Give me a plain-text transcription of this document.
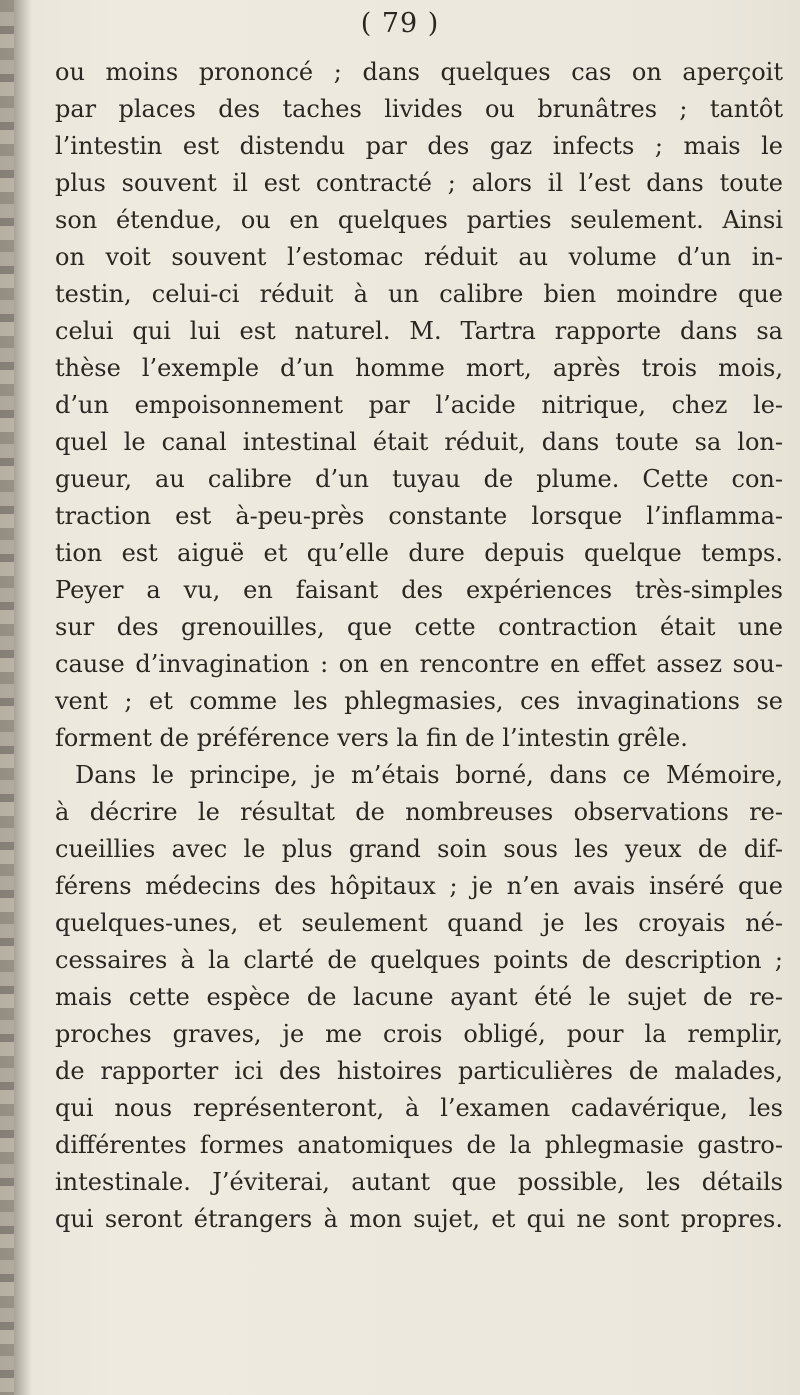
( 79 )
ou moins prononcé ; dans quelques cas on aperçoit
par places des taches livides ou brunâtres ; tantôt
l’intestin est distendu par des gaz infects ; mais le
plus souvent il est contracté ; alors il l’est dans toute
son étendue, ou en quelques parties seulement. Ainsi
on voit souvent l’estomac réduit au volume d’un in-
testin, celui-ci réduit à un calibre bien moindre que
celui qui lui est naturel. M. Tartra rapporte dans sa
thèse l’exemple d’un homme mort, après trois mois,
d’un empoisonnement par l’acide nitrique, chez le-
quel le canal intestinal était réduit, dans toute sa lon-
gueur, au calibre d’un tuyau de plume. Cette con-
traction est à-peu-près constante lorsque l’inflamma-
tion est aiguë et qu’elle dure depuis quelque temps.
Peyer a vu, en faisant des expériences très-simples
sur des grenouilles, que cette contraction était une
cause d’invagination : on en rencontre en effet assez sou-
vent ; et comme les phlegmasies, ces invaginations se
forment de préférence vers la fin de l’intestin grêle.
Dans le principe, je m’étais borné, dans ce Mémoire,
à décrire le résultat de nombreuses observations re-
cueillies avec le plus grand soin sous les yeux de dif-
férens médecins des hôpitaux ; je n’en avais inséré que
quelques-unes, et seulement quand je les croyais né-
cessaires à la clarté de quelques points de description ;
mais cette espèce de lacune ayant été le sujet de re-
proches graves, je me crois obligé, pour la remplir,
de rapporter ici des histoires particulières de malades,
qui nous représenteront, à l’examen cadavérique, les
différentes formes anatomiques de la phlegmasie gastro-
intestinale. J’éviterai, autant que possible, les détails
qui seront étrangers à mon sujet, et qui ne sont propres.
